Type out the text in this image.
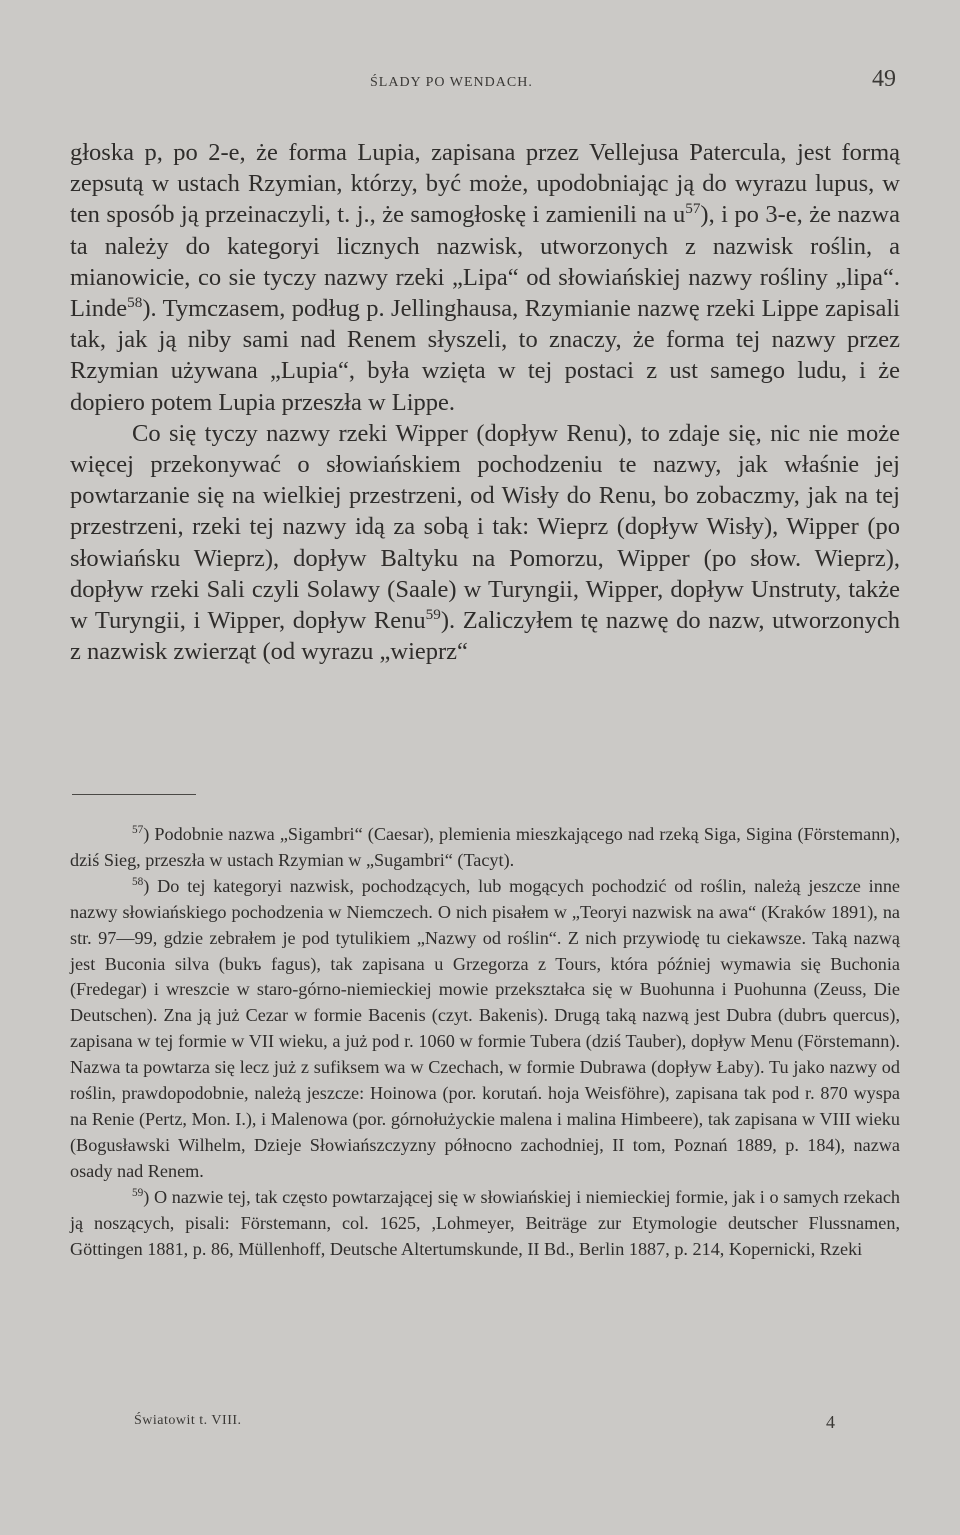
ŚLADY PO WENDACH.	49

głoska p, po 2-e, że forma Lupia, zapisana przez Vellejusa Patercula, jest formą zepsutą w ustach Rzymian, którzy, być może, upodobniając ją do wyrazu lupus, w ten sposób ją przeinaczyli, t. j., że samogłoskę i zamienili na u$^{57}$), i po 3-e, że nazwa ta należy do kategoryi licznych nazwisk, utworzonych z nazwisk roślin, a mianowicie, co sie tyczy nazwy rzeki „Lipa“ od słowiańskiej nazwy rośliny „lipa“. Linde$^{58}$). Tymczasem, podług p. Jellinghausa, Rzymianie nazwę rzeki Lippe zapisali tak, jak ją niby sami nad Renem słyszeli, to znaczy, że forma tej nazwy przez Rzymian używana „Lupia“, była wzięta w tej postaci z ust samego ludu, i że dopiero potem Lupia przeszła w Lippe.

Co się tyczy nazwy rzeki Wipper (dopływ Renu), to zdaje się, nic nie może więcej przekonywać o słowiańskiem pochodzeniu te nazwy, jak właśnie jej powtarzanie się na wielkiej przestrzeni, od Wisły do Renu, bo zobaczmy, jak na tej przestrzeni, rzeki tej nazwy idą za sobą i tak: Wieprz (dopływ Wisły), Wipper (po słowiańsku Wieprz), dopływ Baltyku na Pomorzu, Wipper (po słow. Wieprz), dopływ rzeki Sali czyli Solawy (Saale) w Turyngii, Wipper, dopływ Unstruty, także w Turyngii, i Wipper, dopływ Renu$^{59}$). Zaliczyłem tę nazwę do nazw, utworzonych z nazwisk zwierząt (od wyrazu „wieprz“

$^{57}$) Podobnie nazwa „Sigambri“ (Caesar), plemienia mieszkającego nad rzeką Siga, Sigina (Förstemann), dziś Sieg, przeszła w ustach Rzymian w „Sugambri“ (Tacyt).

$^{58}$) Do tej kategoryi nazwisk, pochodzących, lub mogących pochodzić od roślin, należą jeszcze inne nazwy słowiańskiego pochodzenia w Niemczech. O nich pisałem w „Teoryi nazwisk na awa“ (Kraków 1891), na str. 97—99, gdzie zebrałem je pod tytulikiem „Nazwy od roślin“. Z nich przywiodę tu ciekawsze. Taką nazwą jest Buconia silva (bukъ fagus), tak zapisana u Grzegorza z Tours, która później wymawia się Buchonia (Fredegar) i wreszcie w staro-górno-niemieckiej mowie przekształca się w Buohunna i Puohunna (Zeuss, Die Deutschen). Zna ją już Cezar w formie Bacenis (czyt. Bakenis). Drugą taką nazwą jest Dubra (dubrъ quercus), zapisana w tej formie w VII wieku, a już pod r. 1060 w formie Tubera (dziś Tauber), dopływ Menu (Förstemann). Nazwa ta powtarza się lecz już z sufiksem wa w Czechach, w formie Dubrawa (dopływ Łaby). Tu jako nazwy od roślin, prawdopodobnie, należą jeszcze: Hoinowa (por. korutań. hoja Weisföhre), zapisana tak pod r. 870 wyspa na Renie (Pertz, Mon. I.), i Malenowa (por. górnołużyckie malena i malina Himbeere), tak zapisana w VIII wieku (Bogusławski Wilhelm, Dzieje Słowiańszczyzny północno zachodniej, II tom, Poznań 1889, p. 184), nazwa osady nad Renem.

$^{59}$) O nazwie tej, tak często powtarzającej się w słowiańskiej i niemieckiej formie, jak i o samych rzekach ją noszących, pisali: Förstemann, col. 1625, ,Lohmeyer, Beiträge zur Etymologie deutscher Flussnamen, Göttingen 1881, p. 86, Müllenhoff, Deutsche Altertumskunde, II Bd., Berlin 1887, p. 214, Kopernicki, Rzeki

Światowit t. VIII.	4
